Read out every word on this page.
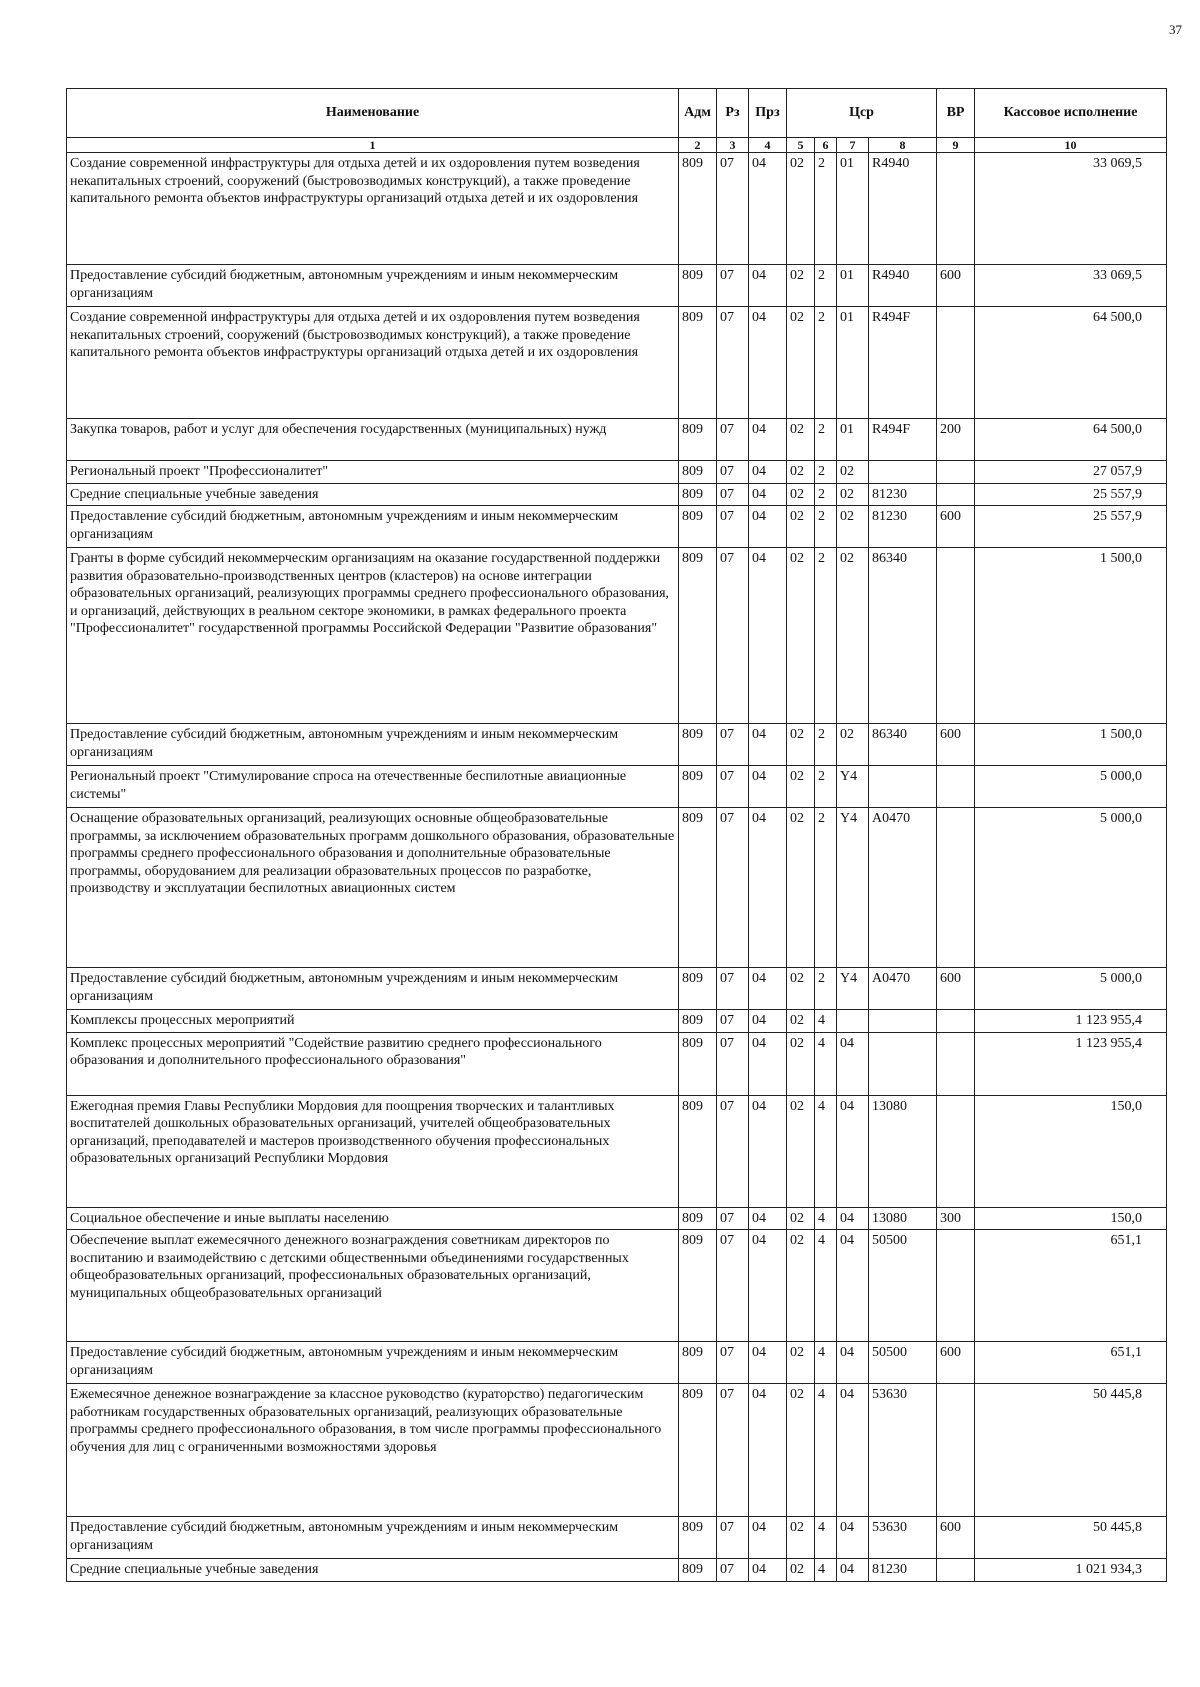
37
Наименование	Адм	Рз	Прз	Цср				ВР	Кассовое исполнение
1	2	3	4	5	6	7	8	9	10
Создание современной инфраструктуры для отдыха детей и их оздоровления путем возведения некапитальных строений, сооружений (быстровозводимых конструкций), а также проведение капитального ремонта объектов инфраструктуры организаций отдыха детей и их оздоровления	809	07	04	02	2	01	R4940		33 069,5
Предоставление субсидий бюджетным, автономным учреждениям и иным некоммерческим организациям	809	07	04	02	2	01	R4940	600	33 069,5
Создание современной инфраструктуры для отдыха детей и их оздоровления путем возведения некапитальных строений, сооружений (быстровозводимых конструкций), а также проведение капитального ремонта объектов инфраструктуры организаций отдыха детей и их оздоровления	809	07	04	02	2	01	R494F		64 500,0
Закупка товаров, работ и услуг для обеспечения государственных (муниципальных) нужд	809	07	04	02	2	01	R494F	200	64 500,0
Региональный проект "Профессионалитет"	809	07	04	02	2	02			27 057,9
Средние специальные учебные заведения	809	07	04	02	2	02	81230		25 557,9
Предоставление субсидий бюджетным, автономным учреждениям и иным некоммерческим организациям	809	07	04	02	2	02	81230	600	25 557,9
Гранты в форме субсидий некоммерческим организациям на оказание государственной поддержки развития образовательно-производственных центров (кластеров) на основе интеграции образовательных организаций, реализующих программы среднего профессионального образования, и организаций, действующих в реальном секторе экономики, в рамках федерального проекта "Профессионалитет" государственной программы Российской Федерации "Развитие образования"	809	07	04	02	2	02	86340		1 500,0
Предоставление субсидий бюджетным, автономным учреждениям и иным некоммерческим организациям	809	07	04	02	2	02	86340	600	1 500,0
Региональный проект "Стимулирование спроса на отечественные беспилотные авиационные системы"	809	07	04	02	2	Y4			5 000,0
Оснащение образовательных организаций, реализующих основные общеобразовательные программы, за исключением образовательных программ дошкольного образования, образовательные программы среднего профессионального образования и дополнительные образовательные программы, оборудованием для реализации образовательных процессов по разработке, производству и эксплуатации беспилотных авиационных систем	809	07	04	02	2	Y4	A0470		5 000,0
Предоставление субсидий бюджетным, автономным учреждениям и иным некоммерческим организациям	809	07	04	02	2	Y4	A0470	600	5 000,0
Комплексы процессных мероприятий	809	07	04	02	4				1 123 955,4
Комплекс процессных мероприятий "Содействие развитию среднего профессионального образования и дополнительного профессионального образования"	809	07	04	02	4	04			1 123 955,4
Ежегодная премия Главы Республики Мордовия для поощрения творческих и талантливых воспитателей дошкольных образовательных организаций, учителей общеобразовательных организаций, преподавателей и мастеров производственного обучения профессиональных образовательных организаций Республики Мордовия	809	07	04	02	4	04	13080		150,0
Социальное обеспечение и иные выплаты населению	809	07	04	02	4	04	13080	300	150,0
Обеспечение выплат ежемесячного денежного вознаграждения советникам директоров по воспитанию и взаимодействию с детскими общественными объединениями государственных общеобразовательных организаций, профессиональных образовательных организаций, муниципальных общеобразовательных организаций	809	07	04	02	4	04	50500		651,1
Предоставление субсидий бюджетным, автономным учреждениям и иным некоммерческим организациям	809	07	04	02	4	04	50500	600	651,1
Ежемесячное денежное вознаграждение за классное руководство (кураторство) педагогическим работникам государственных образовательных организаций, реализующих образовательные программы среднего профессионального образования, в том числе программы профессионального обучения для лиц с ограниченными возможностями здоровья	809	07	04	02	4	04	53630		50 445,8
Предоставление субсидий бюджетным, автономным учреждениям и иным некоммерческим организациям	809	07	04	02	4	04	53630	600	50 445,8
Средние специальные учебные заведения	809	07	04	02	4	04	81230		1 021 934,3
